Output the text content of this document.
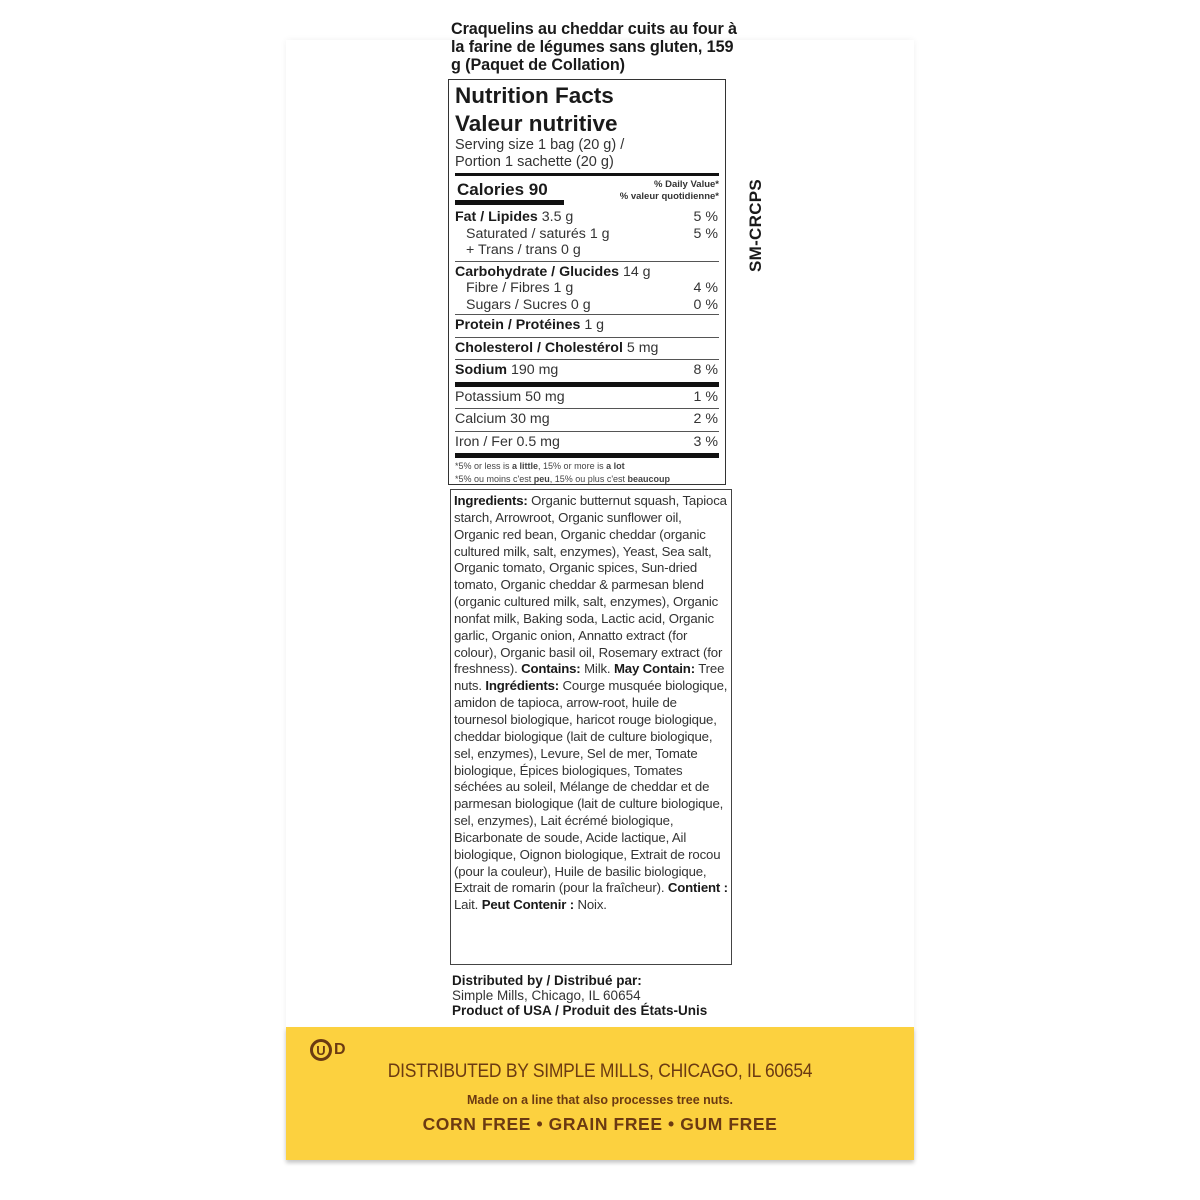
Craquelins au cheddar cuits au four à la farine de légumes sans gluten, 159 g (Paquet de Collation)
Nutrition Facts
Valeur nutritive
Serving size 1 bag (20 g) /
Portion 1 sachette (20 g)
Calories 90	% Daily Value*
% valeur quotidienne*
Fat / Lipides 3.5 g	5 %
Saturated / saturés 1 g	5 %
+ Trans / trans 0 g
Carbohydrate / Glucides 14 g
Fibre / Fibres 1 g	4 %
Sugars / Sucres 0 g	0 %
Protein / Protéines 1 g
Cholesterol / Cholestérol 5 mg
Sodium 190 mg	8 %
Potassium 50 mg	1 %
Calcium 30 mg	2 %
Iron / Fer 0.5 mg	3 %
*5% or less is a little, 15% or more is a lot
*5% ou moins c'est peu, 15% ou plus c'est beaucoup
SM-CRCPS
Ingredients: Organic butternut squash, Tapioca starch, Arrowroot, Organic sunflower oil, Organic red bean, Organic cheddar (organic cultured milk, salt, enzymes), Yeast, Sea salt, Organic tomato, Organic spices, Sun-dried tomato, Organic cheddar & parmesan blend (organic cultured milk, salt, enzymes), Organic nonfat milk, Baking soda, Lactic acid, Organic garlic, Organic onion, Annatto extract (for colour), Organic basil oil, Rosemary extract (for freshness). Contains: Milk. May Contain: Tree nuts. Ingrédients: Courge musquée biologique, amidon de tapioca, arrow-root, huile de tournesol biologique, haricot rouge biologique, cheddar biologique (lait de culture biologique, sel, enzymes), Levure, Sel de mer, Tomate biologique, Épices biologiques, Tomates séchées au soleil, Mélange de cheddar et de parmesan biologique (lait de culture biologique, sel, enzymes), Lait écrémé biologique, Bicarbonate de soude, Acide lactique, Ail biologique, Oignon biologique, Extrait de rocou (pour la couleur), Huile de basilic biologique, Extrait de romarin (pour la fraîcheur). Contient : Lait. Peut Contenir : Noix.
Distributed by / Distribué par:
Simple Mills, Chicago, IL 60654
Product of USA / Produit des États-Unis
U D
DISTRIBUTED BY SIMPLE MILLS, CHICAGO, IL 60654
Made on a line that also processes tree nuts.
CORN FREE • GRAIN FREE • GUM FREE
